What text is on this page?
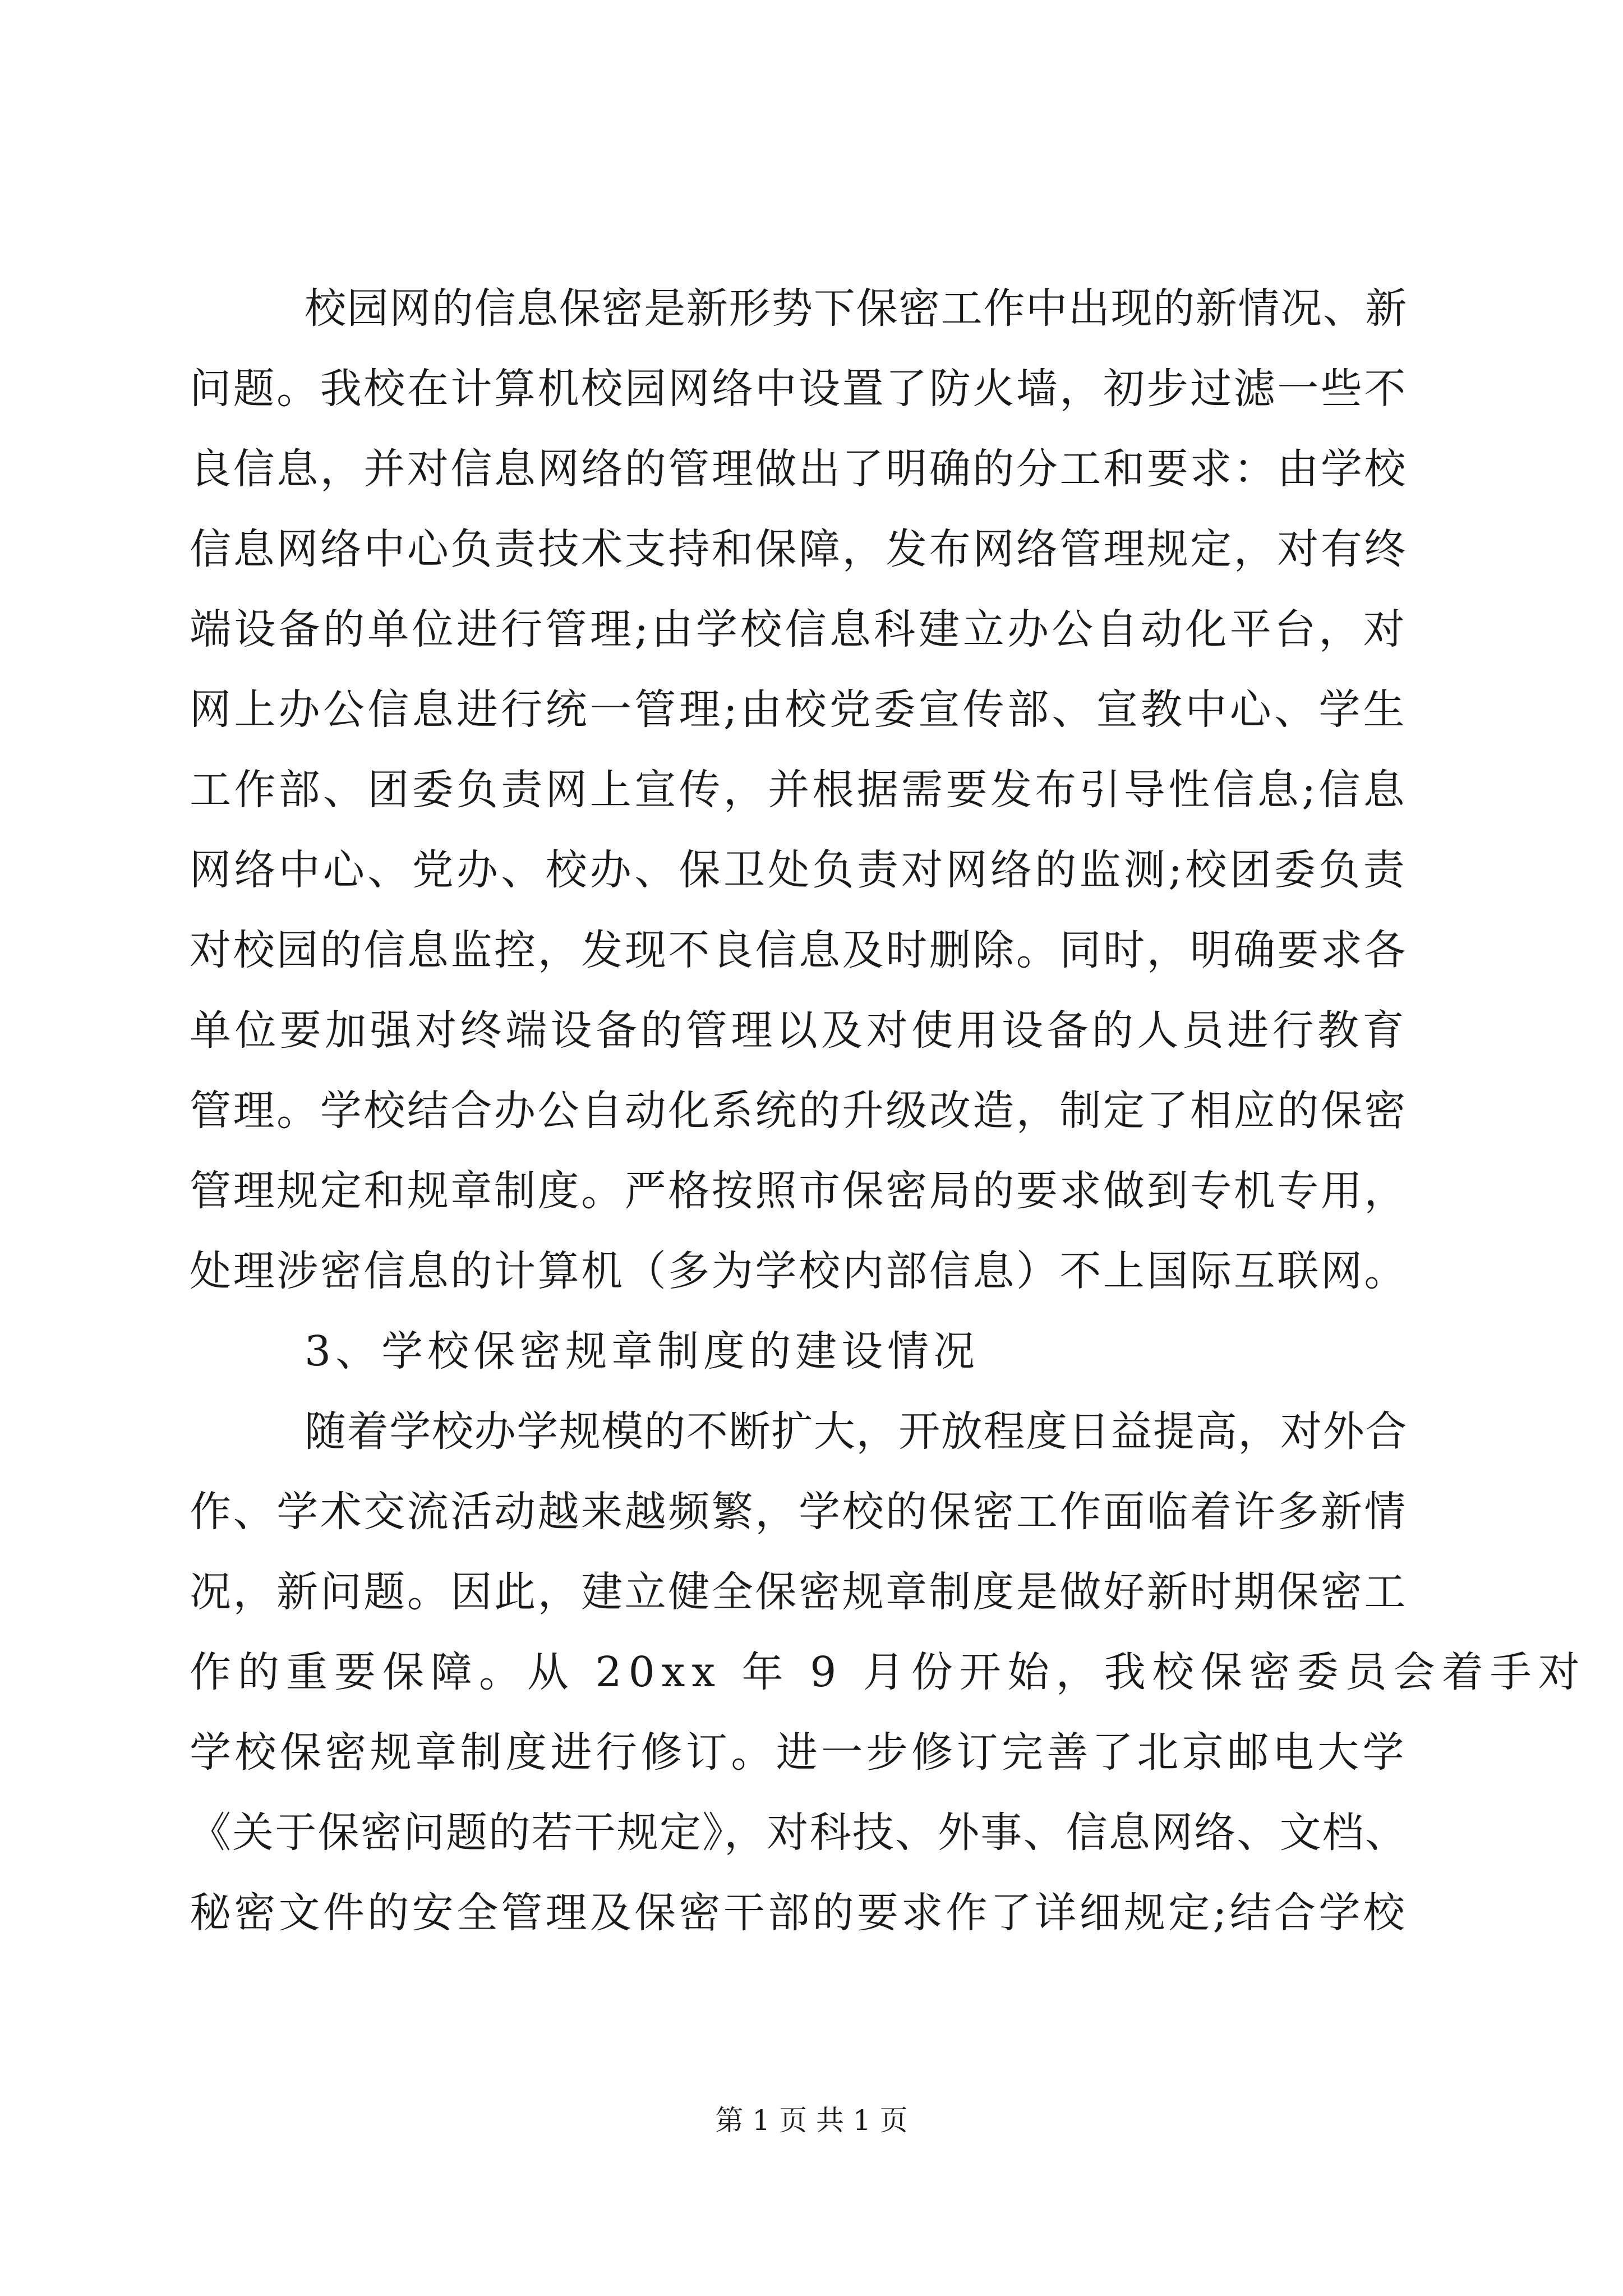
校园网的信息保密是新形势下保密工作中出现的新情况、新
问题。我校在计算机校园网络中设置了防火墙，初步过滤一些不
良信息，并对信息网络的管理做出了明确的分工和要求：由学校
信息网络中心负责技术支持和保障，发布网络管理规定，对有终
端设备的单位进行管理;由学校信息科建立办公自动化平台，对
网上办公信息进行统一管理;由校党委宣传部、宣教中心、学生
工作部、团委负责网上宣传，并根据需要发布引导性信息;信息
网络中心、党办、校办、保卫处负责对网络的监测;校团委负责
对校园的信息监控，发现不良信息及时删除。同时，明确要求各
单位要加强对终端设备的管理以及对使用设备的人员进行教育
管理。学校结合办公自动化系统的升级改造，制定了相应的保密
管理规定和规章制度。严格按照市保密局的要求做到专机专用，
处理涉密信息的计算机（多为学校内部信息）不上国际互联网。
3、学校保密规章制度的建设情况
随着学校办学规模的不断扩大，开放程度日益提高，对外合
作、学术交流活动越来越频繁，学校的保密工作面临着许多新情
况，新问题。因此，建立健全保密规章制度是做好新时期保密工
作的重要保障。从 20xx 年 9 月份开始，我校保密委员会着手对
学校保密规章制度进行修订。进一步修订完善了北京邮电大学
《关于保密问题的若干规定》，对科技、外事、信息网络、文档、
秘密文件的安全管理及保密干部的要求作了详细规定;结合学校
第 1 页 共 1 页
